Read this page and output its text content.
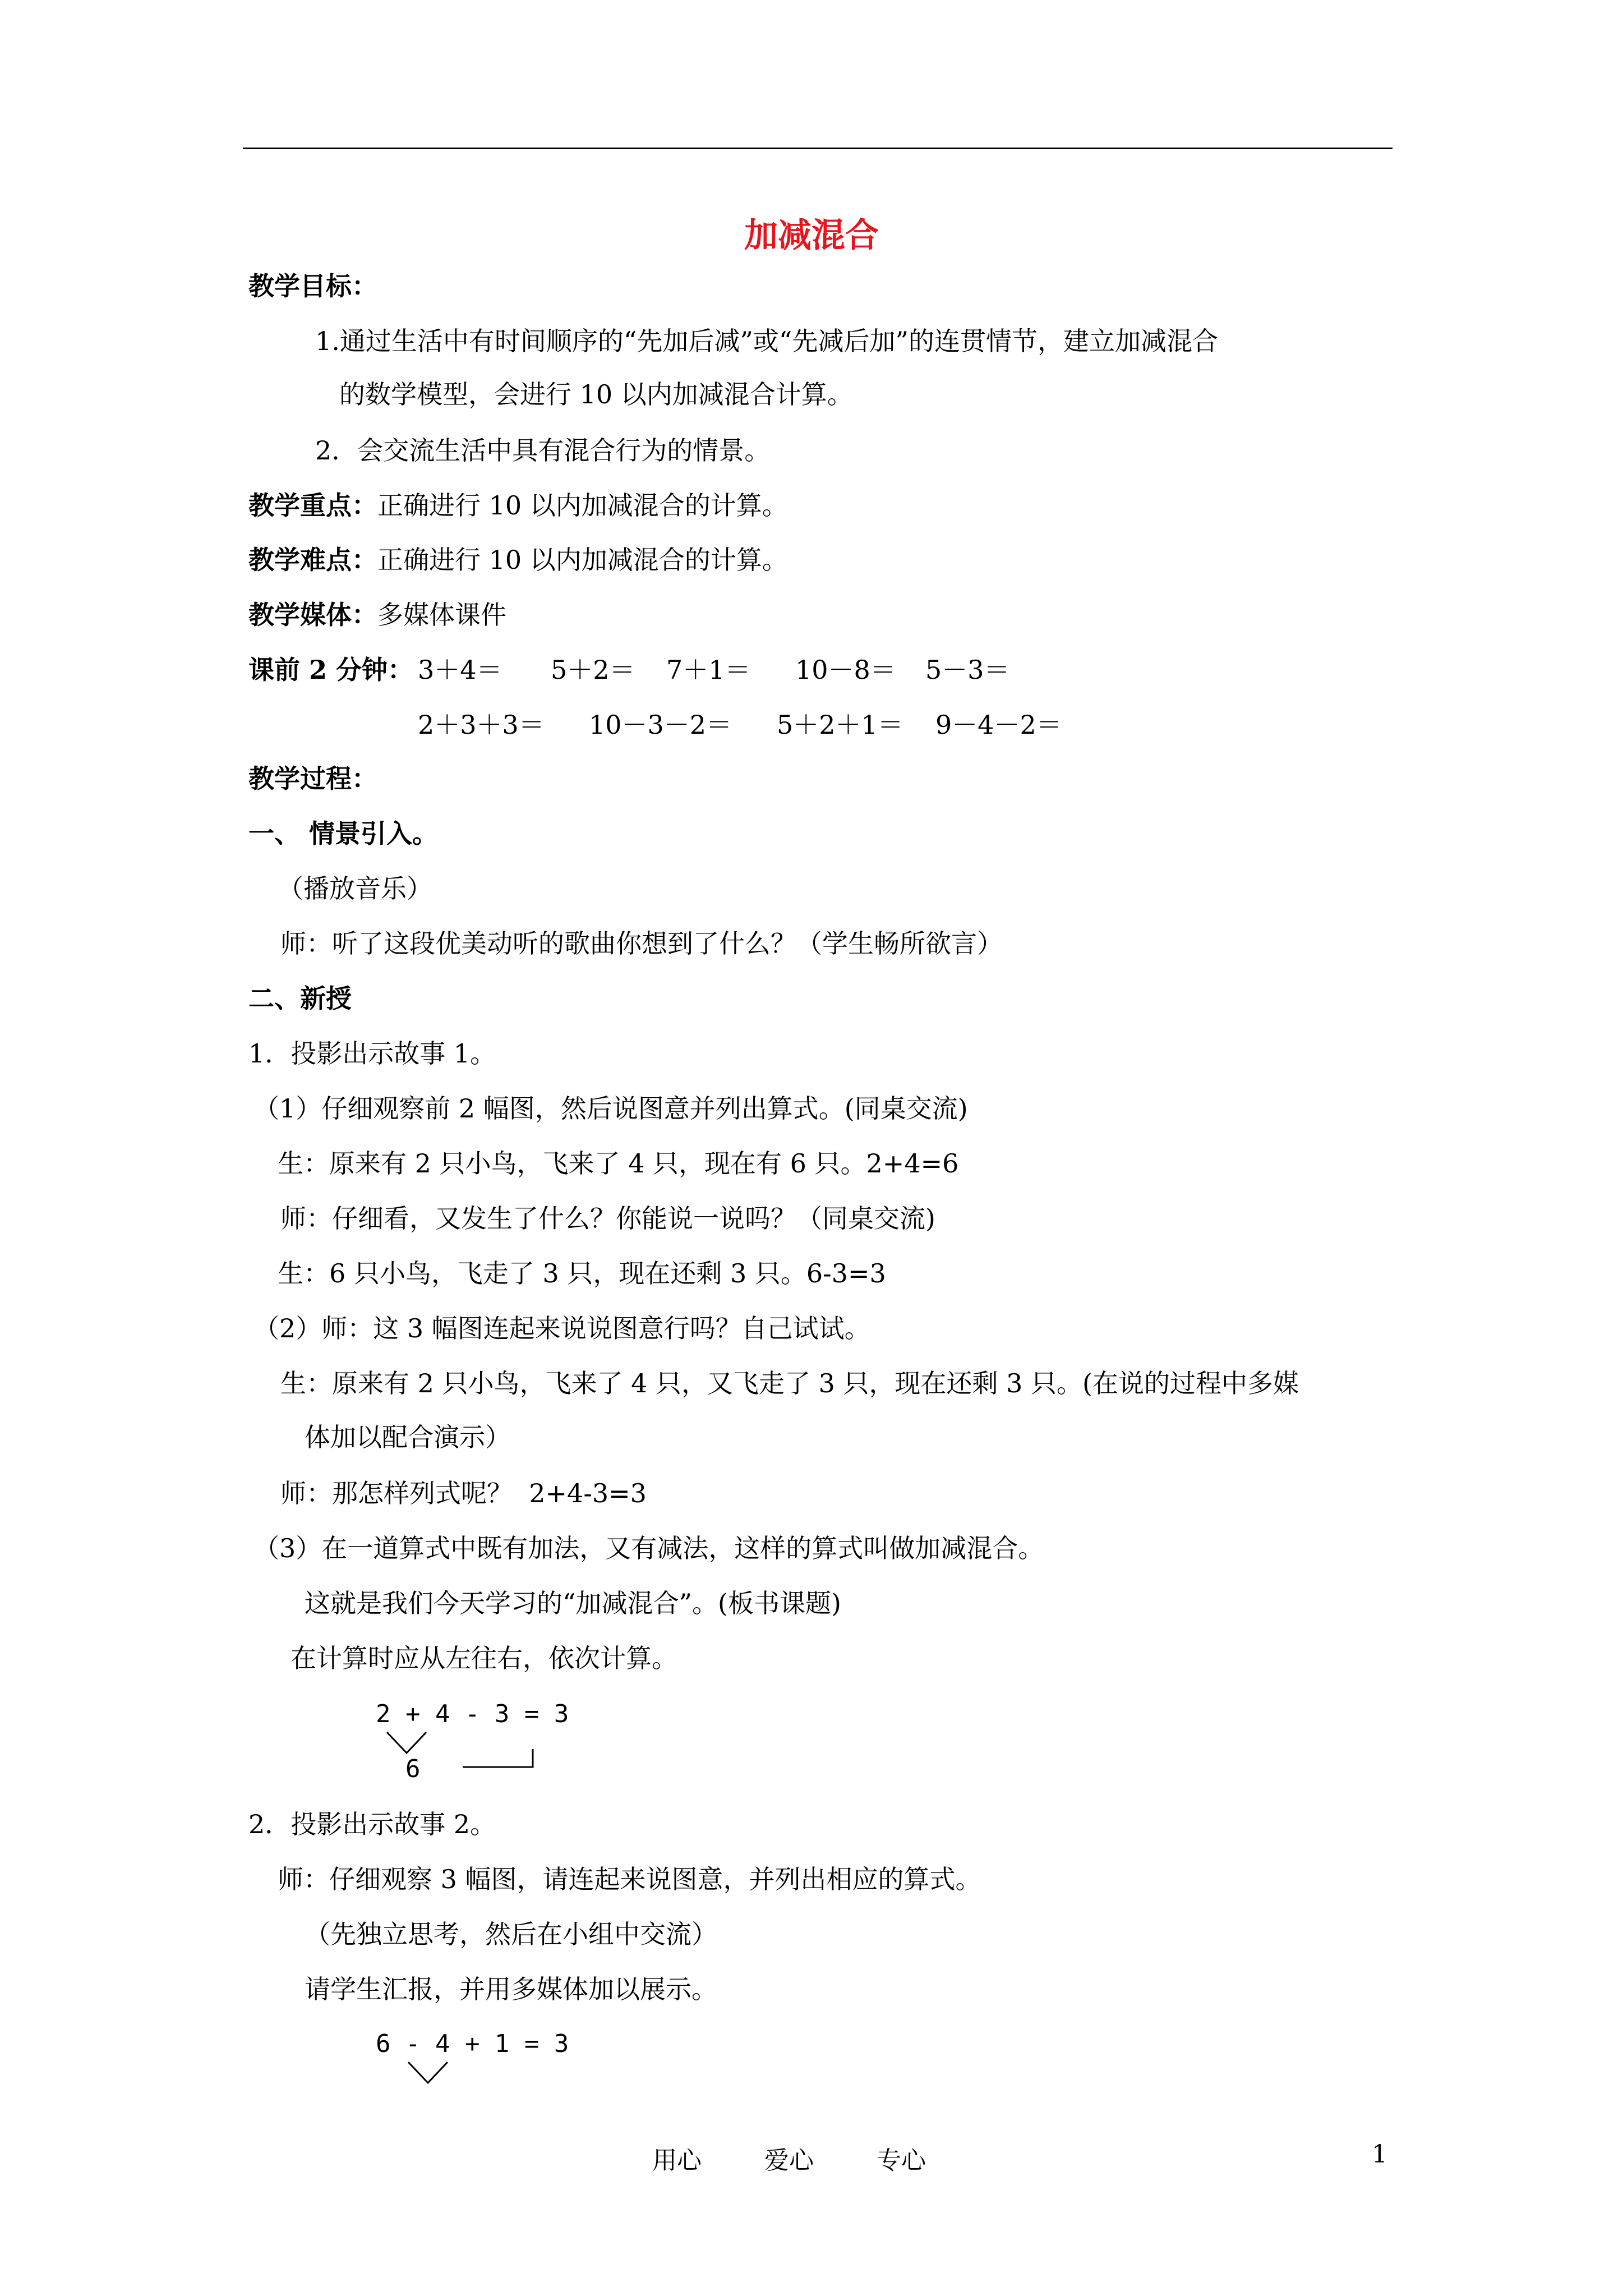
加减混合
教学目标：
1.通过生活中有时间顺序的“先加后减”或“先减后加”的连贯情节，建立加减混合
的数学模型，会进行 10 以内加减混合计算。
2．会交流生活中具有混合行为的情景。
教学重点：正确进行 10 以内加减混合的计算。
教学难点：正确进行 10 以内加减混合的计算。
教学媒体：多媒体课件
课前 2 分钟： 3＋4＝ 5＋2＝ 7＋1＝ 10－8＝ 5－3＝
2＋3＋3＝ 10－3－2＝ 5＋2＋1＝ 9－4－2＝
教学过程：
一、 情景引入。
（播放音乐）
师：听了这段优美动听的歌曲你想到了什么？（学生畅所欲言）
二、新授
1．投影出示故事 1。
（1）仔细观察前 2 幅图，然后说图意并列出算式。(同桌交流)
生：原来有 2 只小鸟，飞来了 4 只，现在有 6 只。2+4=6
师：仔细看，又发生了什么？你能说一说吗？（同桌交流)
生：6 只小鸟，飞走了 3 只，现在还剩 3 只。6-3=3
（2）师：这 3 幅图连起来说说图意行吗？自己试试。
生：原来有 2 只小鸟，飞来了 4 只，又飞走了 3 只，现在还剩 3 只。(在说的过程中多媒
体加以配合演示）
师：那怎样列式呢？  2+4-3=3
（3）在一道算式中既有加法，又有减法，这样的算式叫做加减混合。
这就是我们今天学习的“加减混合”。(板书课题)
在计算时应从左往右，依次计算。
2 + 4 - 3 = 3
6
2．投影出示故事 2。
师：仔细观察 3 幅图，请连起来说图意，并列出相应的算式。
（先独立思考，然后在小组中交流）
请学生汇报，并用多媒体加以展示。
6 - 4 + 1 = 3
用心	爱心	专心	1
